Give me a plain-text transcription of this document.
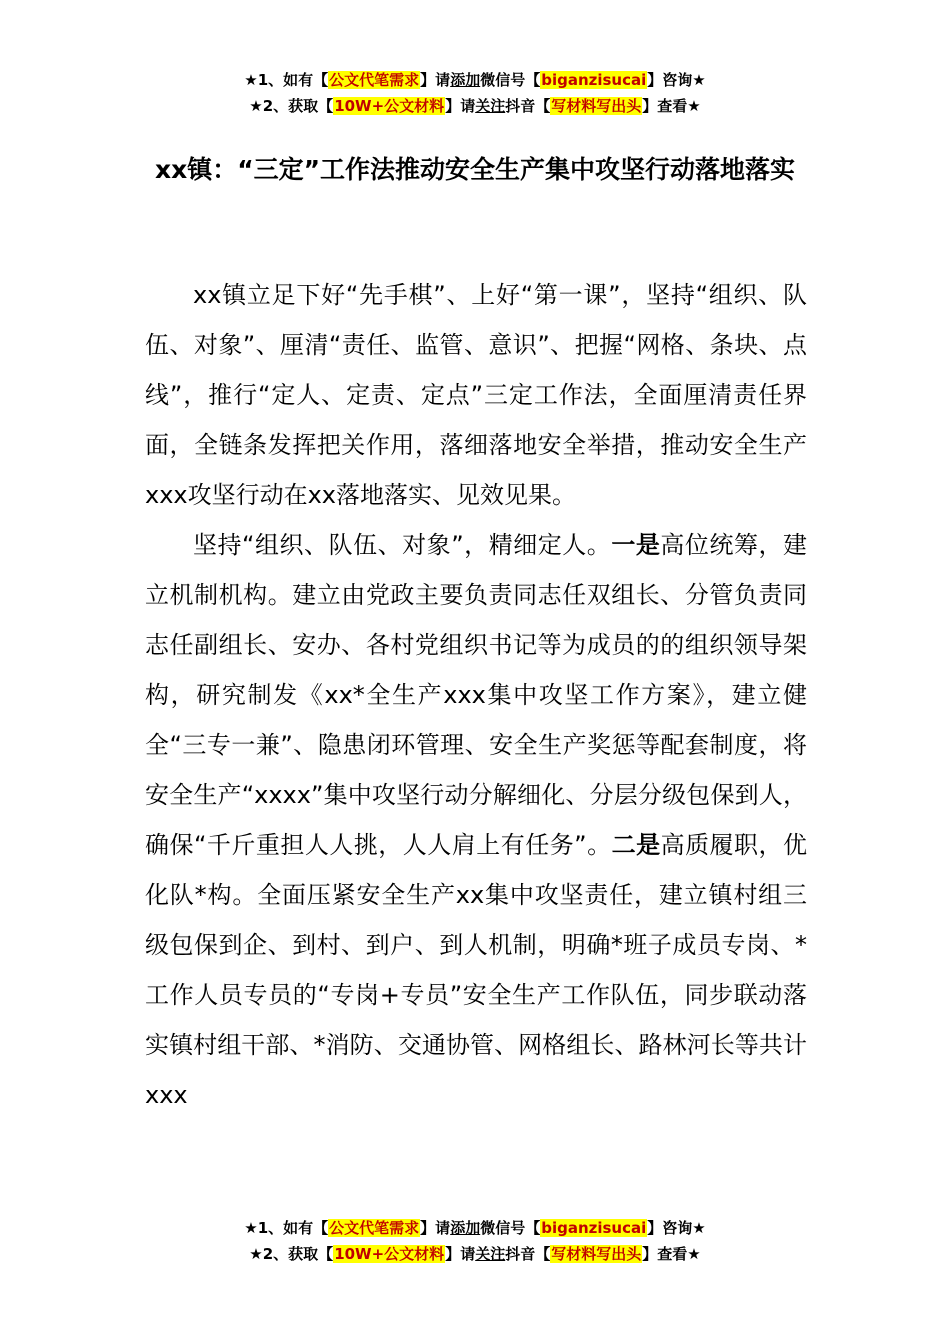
★1、如有【公文代笔需求】请添加微信号【biganzisucai】咨询★
★2、获取【10W+公文材料】请关注抖音【写材料写出头】查看★
xx镇：“三定”工作法推动安全生产集中攻坚行动落地落实

xx镇立足下好“先手棋”、上好“第一课”，坚持“组织、队伍、对象”、厘清“责任、监管、意识”、把握“网格、条块、点线”，推行“定人、定责、定点”三定工作法，全面厘清责任界面，全链条发挥把关作用，落细落地安全举措，推动安全生产xxx攻坚行动在xx落地落实、见效见果。

坚持“组织、队伍、对象”，精细定人。一是高位统筹，建立机制机构。建立由党政主要负责同志任双组长、分管负责同志任副组长、安办、各村党组织书记等为成员的的组织领导架构，研究制发《xx*全生产xxx集中攻坚工作方案》，建立健全“三专一兼”、隐患闭环管理、安全生产奖惩等配套制度，将安全生产“xxxx”集中攻坚行动分解细化、分层分级包保到人，确保“千斤重担人人挑，人人肩上有任务”。二是高质履职，优化队*构。全面压紧安全生产xx集中攻坚责任，建立镇村组三级包保到企、到村、到户、到人机制，明确*班子成员专岗、*工作人员专员的“专岗+专员”安全生产工作队伍，同步联动落实镇村组干部、*消防、交通协管、网格组长、路林河长等共计xxx

★1、如有【公文代笔需求】请添加微信号【biganzisucai】咨询★
★2、获取【10W+公文材料】请关注抖音【写材料写出头】查看★
